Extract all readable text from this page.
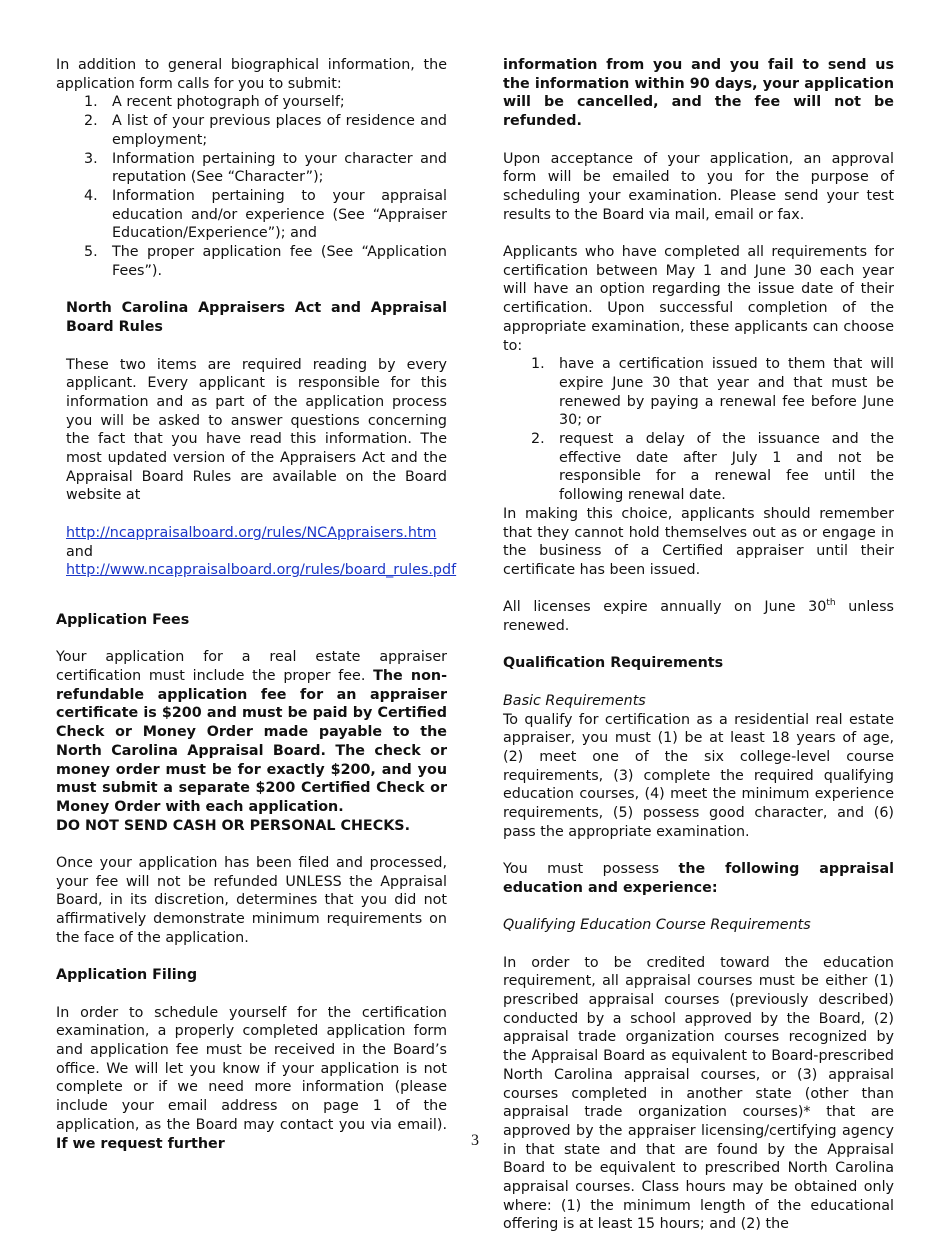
In addition to general biographical information, the application form calls for you to submit:

1. A recent photograph of yourself;
2. A list of your previous places of residence and employment;
3. Information pertaining to your character and reputation (See “Character”);
4. Information pertaining to your appraisal education and/or experience (See “Appraiser Education/Experience”); and
5. The proper application fee (See “Application Fees”).
North Carolina Appraisers Act and Appraisal Board Rules

These two items are required reading by every applicant. Every applicant is responsible for this information and as part of the application process you will be asked to answer questions concerning the fact that you have read this information. The most updated version of the Appraisers Act and the Appraisal Board Rules are available on the Board website at

http://ncappraisalboard.org/rules/NCAppraisers.htm
and
http://www.ncappraisalboard.org/rules/board_rules.pdf

Application Fees

Your application for a real estate appraiser certification must include the proper fee. The non-refundable application fee for an appraiser certificate is $200 and must be paid by Certified Check or Money Order made payable to the North Carolina Appraisal Board. The check or money order must be for exactly $200, and you must submit a separate $200 Certified Check or Money Order with each application.
DO NOT SEND CASH OR PERSONAL CHECKS.

Once your application has been filed and processed, your fee will not be refunded UNLESS the Appraisal Board, in its discretion, determines that you did not affirmatively demonstrate minimum requirements on the face of the application.

Application Filing

In order to schedule yourself for the certification examination, a properly completed application form and application fee must be received in the Board’s office. We will let you know if your application is not complete or if we need more information (please include your email address on page 1 of the application, as the Board may contact you via email). If we request further

information from you and you fail to send us the information within 90 days, your application will be cancelled, and the fee will not be refunded.

Upon acceptance of your application, an approval form will be emailed to you for the purpose of scheduling your examination. Please send your test results to the Board via mail, email or fax.

Applicants who have completed all requirements for certification between May 1 and June 30 each year will have an option regarding the issue date of their certification. Upon successful completion of the appropriate examination, these applicants can choose to:

1. have a certification issued to them that will expire June 30 that year and that must be renewed by paying a renewal fee before June 30; or
2. request a delay of the issuance and the effective date after July 1 and not be responsible for a renewal fee until the following renewal date.

In making this choice, applicants should remember that they cannot hold themselves out as or engage in the business of a Certified appraiser until their certificate has been issued.

All licenses expire annually on June 30th unless renewed.

Qualification Requirements

Basic Requirements

To qualify for certification as a residential real estate appraiser, you must (1) be at least 18 years of age, (2) meet one of the six college-level course requirements, (3) complete the required qualifying education courses, (4) meet the minimum experience requirements, (5) possess good character, and (6) pass the appropriate examination.

You must possess the following appraisal education and experience:

Qualifying Education Course Requirements

In order to be credited toward the education requirement, all appraisal courses must be either (1) prescribed appraisal courses (previously described) conducted by a school approved by the Board, (2) appraisal trade organization courses recognized by the Appraisal Board as equivalent to Board-prescribed North Carolina appraisal courses, or (3) appraisal courses completed in another state (other than appraisal trade organization courses)* that are approved by the appraiser licensing/certifying agency in that state and that are found by the Appraisal Board to be equivalent to prescribed North Carolina appraisal courses. Class hours may be obtained only where: (1) the minimum length of the educational offering is at least 15 hours; and (2) the

3
